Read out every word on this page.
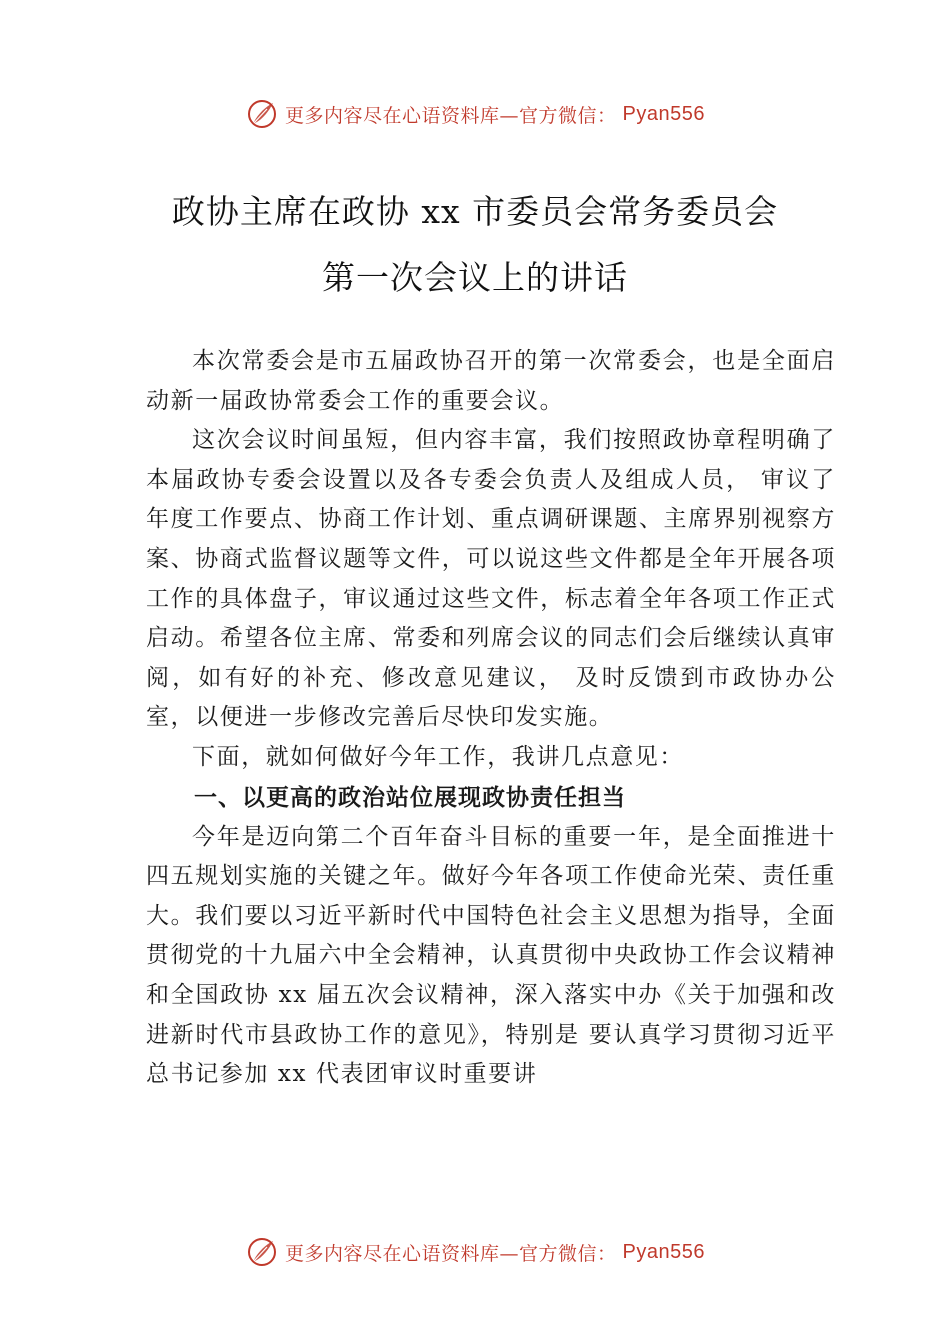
更多内容尽在心语资料库—官方微信： Pyan556
政协主席在政协 xx 市委员会常务委员会
第一次会议上的讲话

本次常委会是市五届政协召开的第一次常委会，也是全面启动新一届政协常委会工作的重要会议。

这次会议时间虽短，但内容丰富，我们按照政协章程明确了本届政协专委会设置以及各专委会负责人及组成人员， 审议了年度工作要点、协商工作计划、重点调研课题、主席界别视察方案、协商式监督议题等文件，可以说这些文件都是全年开展各项工作的具体盘子，审议通过这些文件，标志着全年各项工作正式启动。希望各位主席、常委和列席会议的同志们会后继续认真审阅，如有好的补充、修改意见建议， 及时反馈到市政协办公室，以便进一步修改完善后尽快印发实施。

下面，就如何做好今年工作，我讲几点意见：

一、以更高的政治站位展现政协责任担当

今年是迈向第二个百年奋斗目标的重要一年，是全面推进十四五规划实施的关键之年。做好今年各项工作使命光荣、责任重大。我们要以习近平新时代中国特色社会主义思想为指导，全面贯彻党的十九届六中全会精神，认真贯彻中央政协工作会议精神和全国政协 xx 届五次会议精神，深入落实中办《关于加强和改进新时代市县政协工作的意见》，特别是 要认真学习贯彻习近平总书记参加 xx 代表团审议时重要讲

更多内容尽在心语资料库—官方微信： Pyan556
